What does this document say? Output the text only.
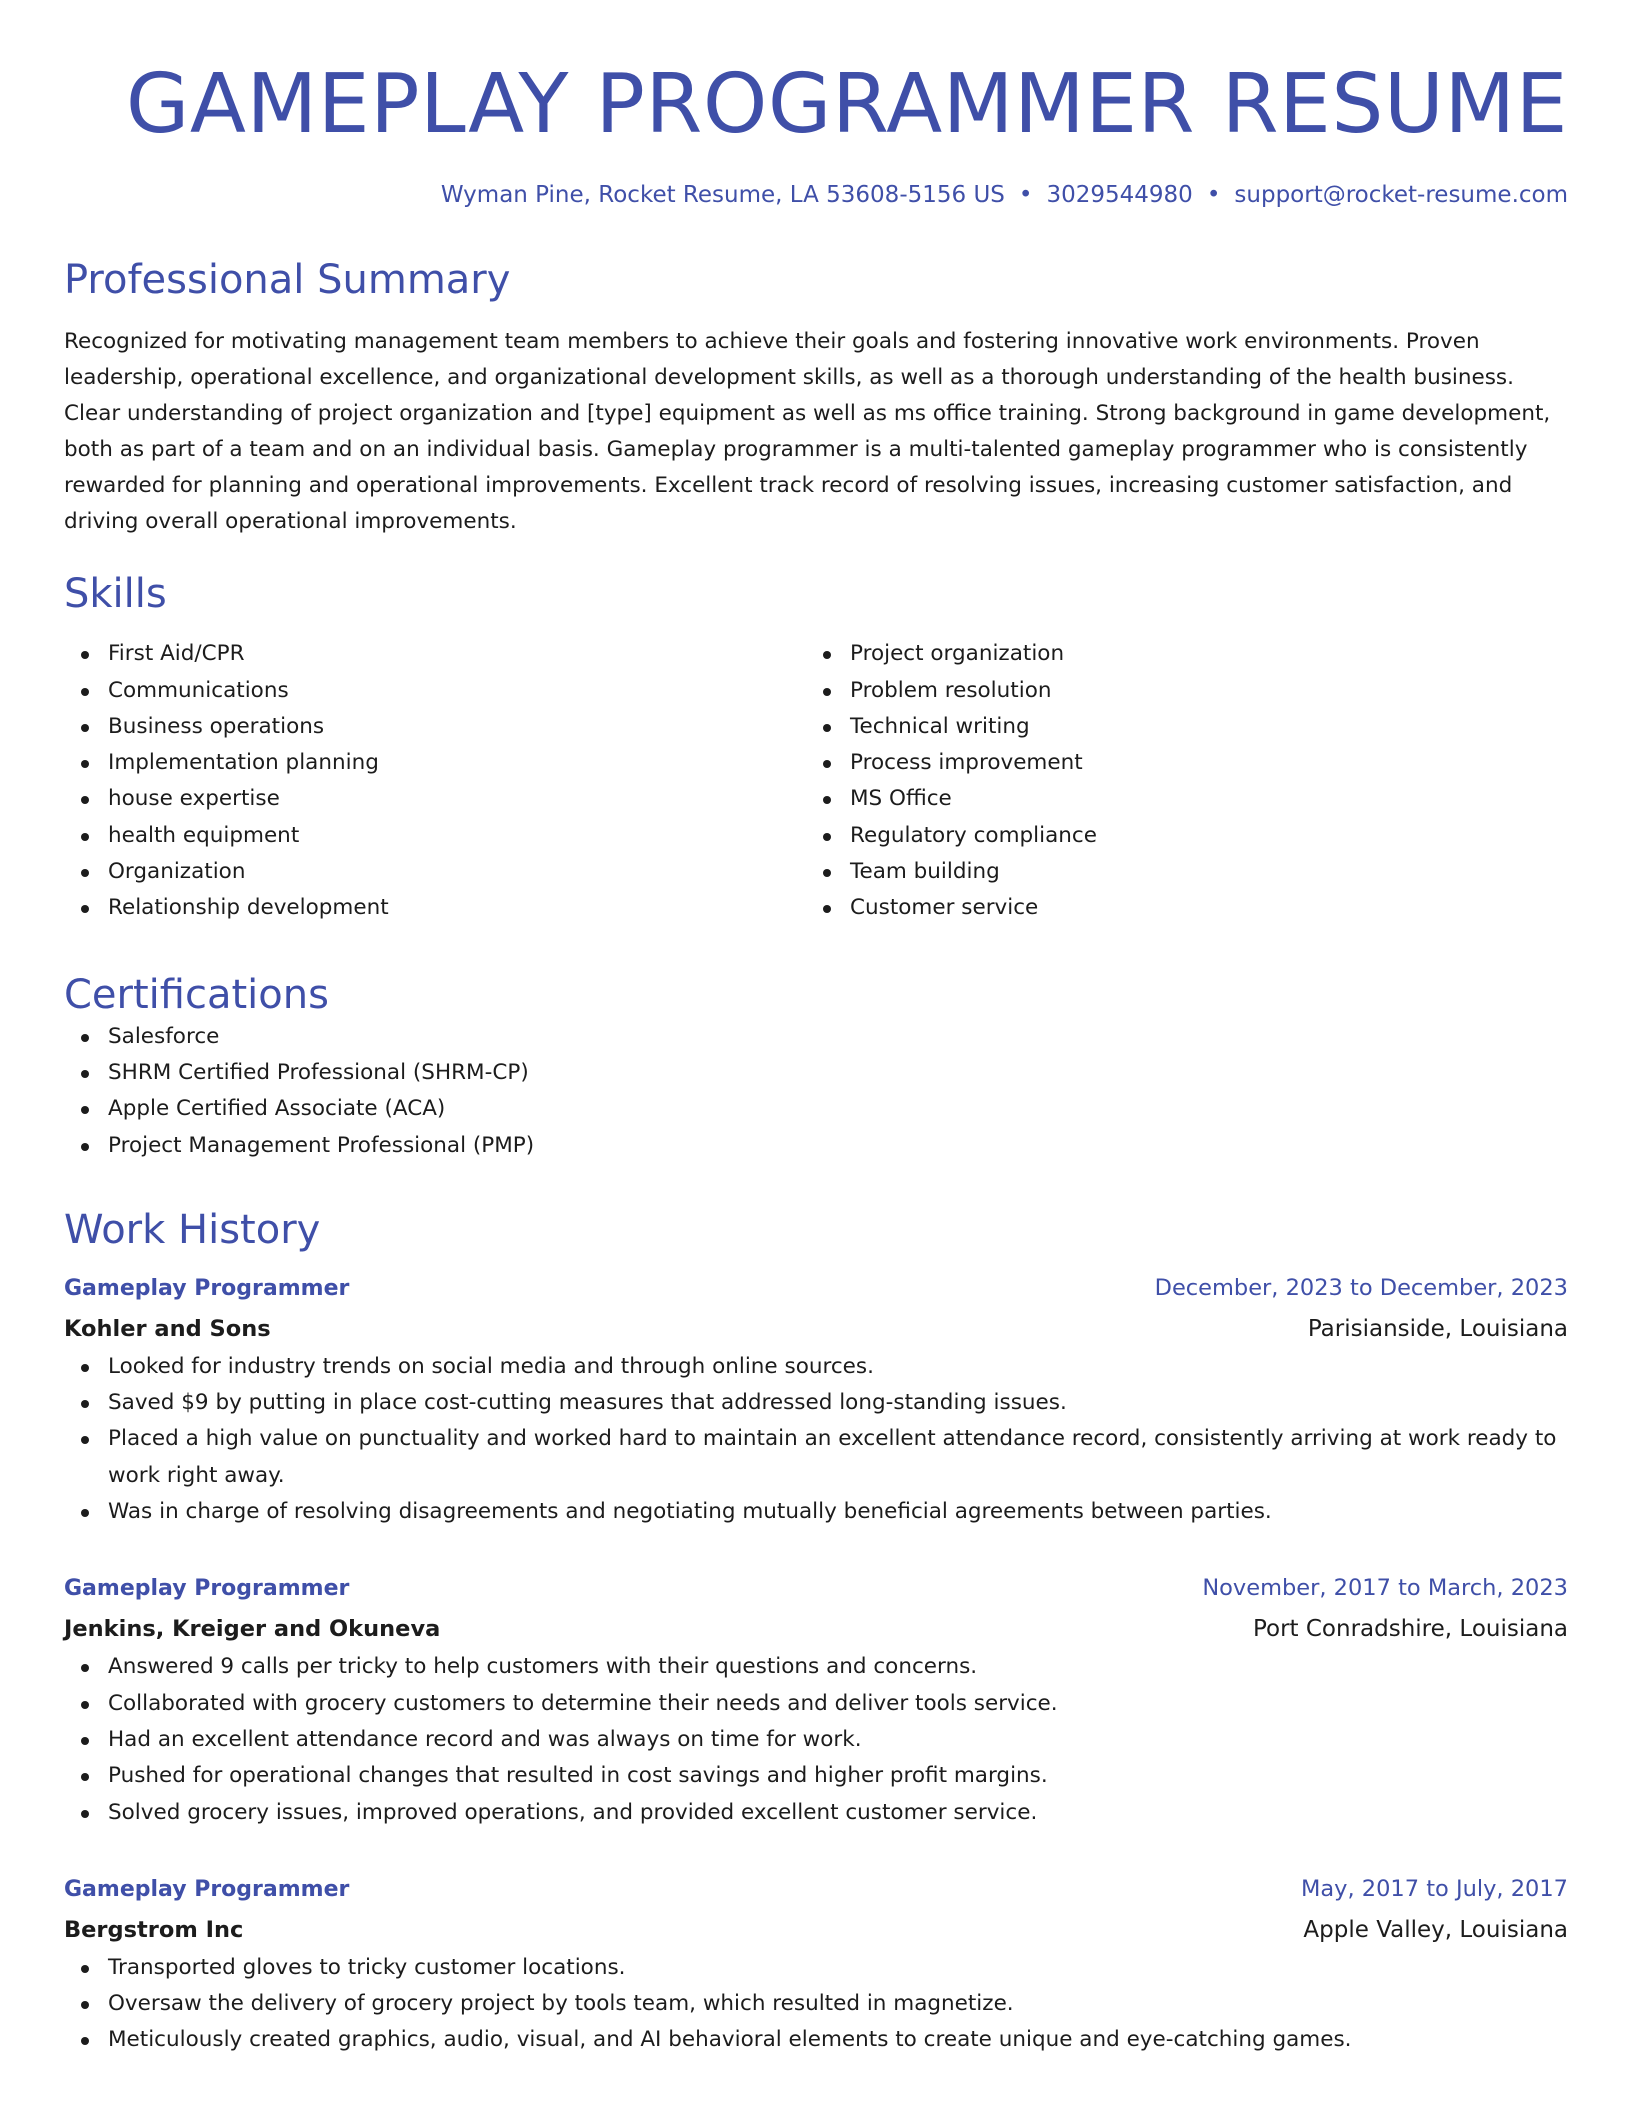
GAMEPLAY PROGRAMMER RESUME
Wyman Pine, Rocket Resume, LA 53608-5156 US • 3029544980 • support@rocket-resume.com
Professional Summary

Recognized for motivating management team members to achieve their goals and fostering innovative work environments. Proven leadership, operational excellence, and organizational development skills, as well as a thorough understanding of the health business. Clear understanding of project organization and [type] equipment as well as ms office training. Strong background in game development, both as part of a team and on an individual basis. Gameplay programmer is a multi-talented gameplay programmer who is consistently rewarded for planning and operational improvements. Excellent track record of resolving issues, increasing customer satisfaction, and driving overall operational improvements.

Skills
First Aid/CPR
Communications
Business operations
Implementation planning
house expertise
health equipment
Organization
Relationship development
Project organization
Problem resolution
Technical writing
Process improvement
MS Office
Regulatory compliance
Team building
Customer service
Certifications
Salesforce
SHRM Certified Professional (SHRM-CP)
Apple Certified Associate (ACA)
Project Management Professional (PMP)
Work History
Gameplay Programmer	December, 2023 to December, 2023
Kohler and Sons	Parisianside, Louisiana
Looked for industry trends on social media and through online sources.
Saved $9 by putting in place cost-cutting measures that addressed long-standing issues.
Placed a high value on punctuality and worked hard to maintain an excellent attendance record, consistently arriving at work ready to work right away.
Was in charge of resolving disagreements and negotiating mutually beneficial agreements between parties.
Gameplay Programmer	November, 2017 to March, 2023
Jenkins, Kreiger and Okuneva	Port Conradshire, Louisiana
Answered 9 calls per tricky to help customers with their questions and concerns.
Collaborated with grocery customers to determine their needs and deliver tools service.
Had an excellent attendance record and was always on time for work.
Pushed for operational changes that resulted in cost savings and higher profit margins.
Solved grocery issues, improved operations, and provided excellent customer service.
Gameplay Programmer	May, 2017 to July, 2017
Bergstrom Inc	Apple Valley, Louisiana
Transported gloves to tricky customer locations.
Oversaw the delivery of grocery project by tools team, which resulted in magnetize.
Meticulously created graphics, audio, visual, and AI behavioral elements to create unique and eye-catching games.
